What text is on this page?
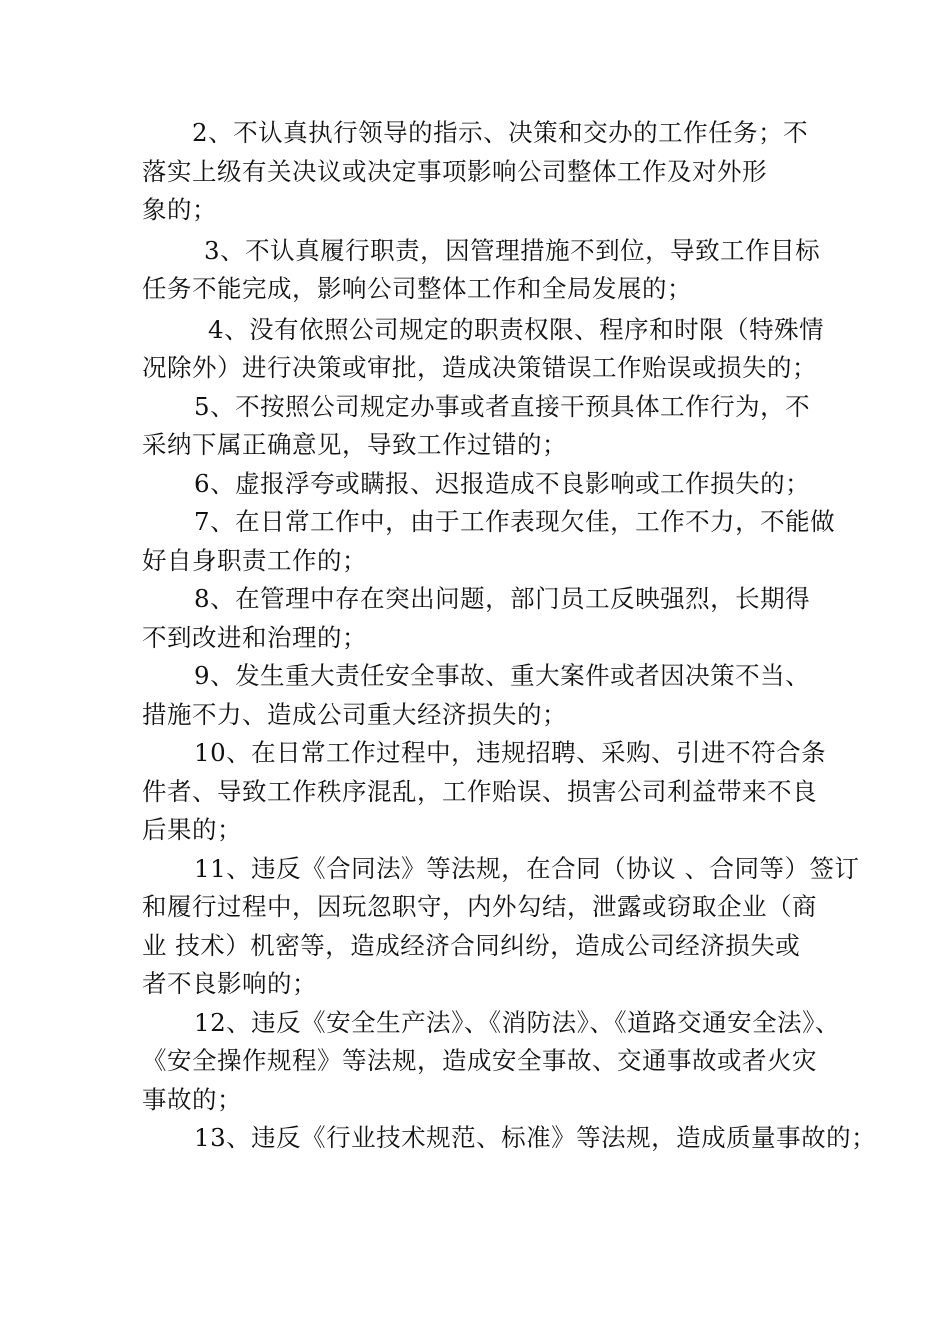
2、不认真执行领导的指示、决策和交办的工作任务；不
落实上级有关决议或决定事项影响公司整体工作及对外形
象的；

3、不认真履行职责，因管理措施不到位，导致工作目标
任务不能完成，影响公司整体工作和全局发展的；

4、没有依照公司规定的职责权限、程序和时限（特殊情
况除外）进行决策或审批，造成决策错误工作贻误或损失的；

5、不按照公司规定办事或者直接干预具体工作行为，不
采纳下属正确意见，导致工作过错的；

6、虚报浮夸或瞒报、迟报造成不良影响或工作损失的；

7、在日常工作中，由于工作表现欠佳，工作不力，不能做
好自身职责工作的；

8、在管理中存在突出问题，部门员工反映强烈，长期得
不到改进和治理的；

9、发生重大责任安全事故、重大案件或者因决策不当、
措施不力、造成公司重大经济损失的；

10、在日常工作过程中，违规招聘、采购、引进不符合条
件者、导致工作秩序混乱，工作贻误、损害公司利益带来不良
后果的；

11、违反《合同法》等法规，在合同（协议 、合同等）签订
和履行过程中，因玩忽职守，内外勾结，泄露或窃取企业（商
业 技术）机密等，造成经济合同纠纷，造成公司经济损失或
者不良影响的；

12、违反《安全生产法》、《消防法》、《道路交通安全法》、
《安全操作规程》等法规，造成安全事故、交通事故或者火灾
事故的；

13、违反《行业技术规范、标准》等法规，造成质量事故的；
